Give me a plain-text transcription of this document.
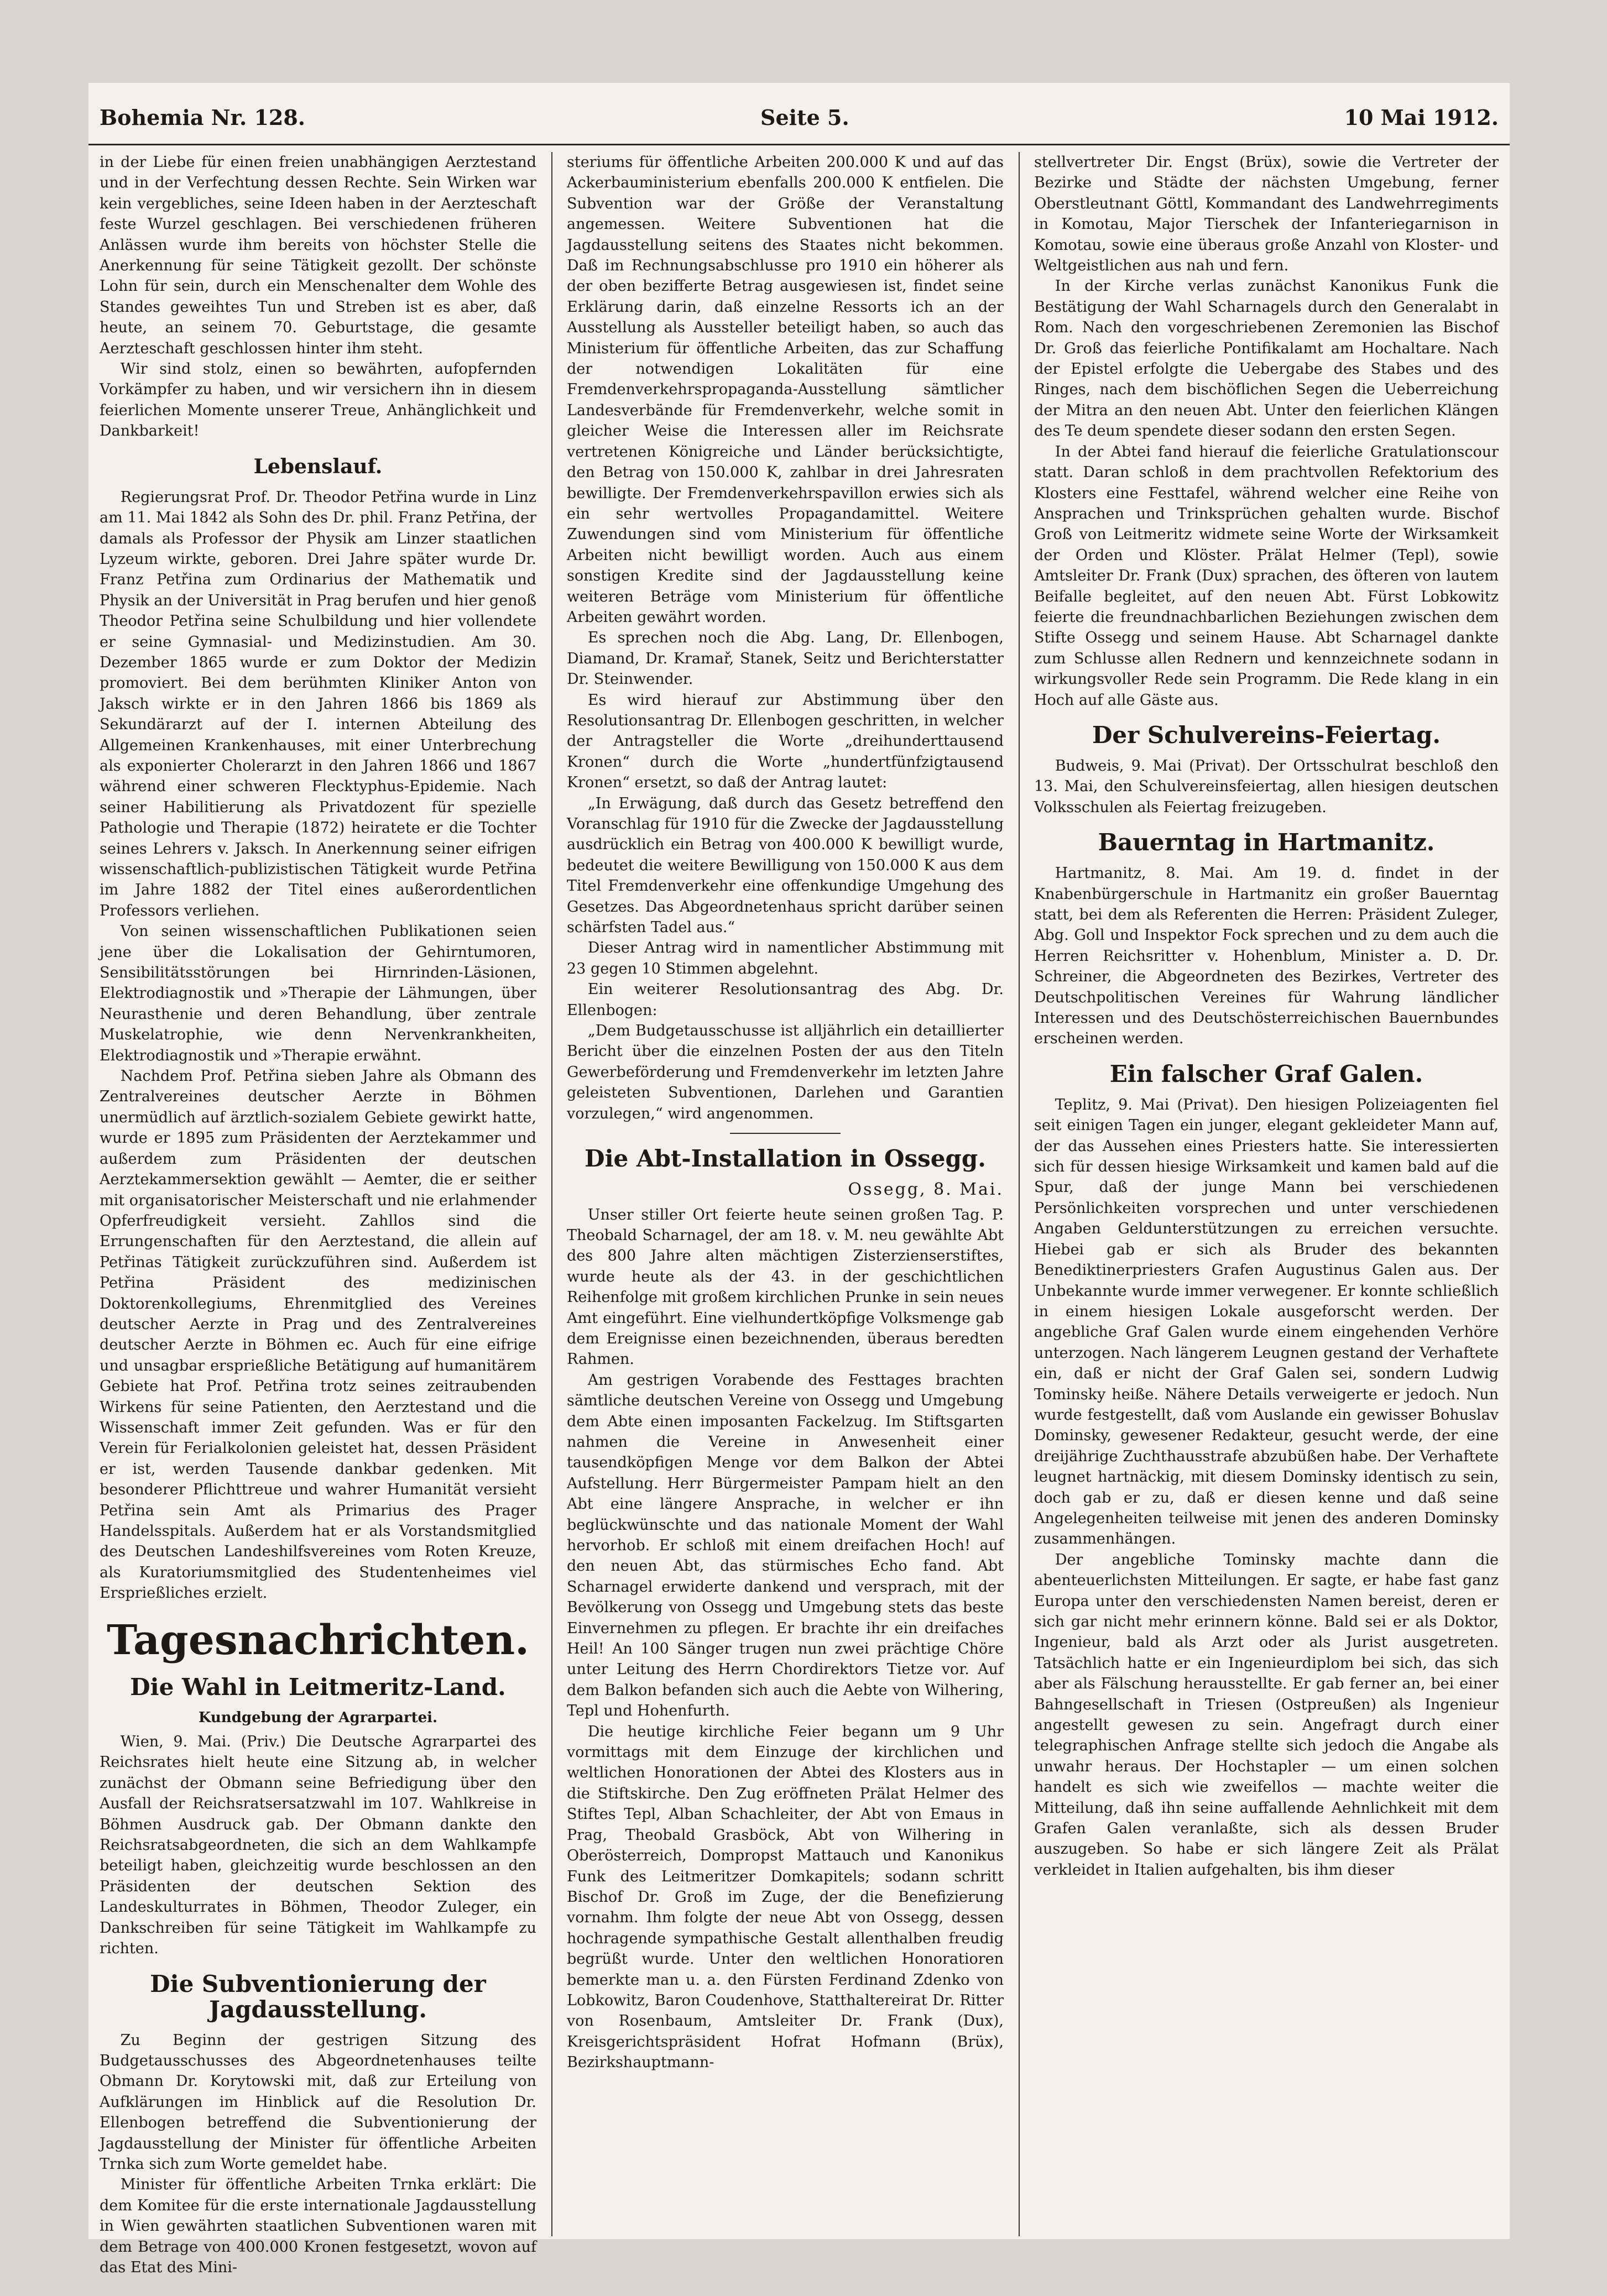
Bohemia Nr. 128.	Seite 5.	10 Mai 1912.

in der Liebe für einen freien unabhängigen Aerztestand und in der Verfechtung dessen Rechte. Sein Wirken war kein vergebliches, seine Ideen haben in der Aerzteschaft feste Wurzel geschlagen. Bei verschiedenen früheren Anlässen wurde ihm bereits von höchster Stelle die Anerkennung für seine Tätigkeit gezollt. Der schönste Lohn für sein, durch ein Menschenalter dem Wohle des Standes geweihtes Tun und Streben ist es aber, daß heute, an seinem 70. Geburtstage, die gesamte Aerzteschaft geschlossen hinter ihm steht.

Wir sind stolz, einen so bewährten, aufopfernden Vorkämpfer zu haben, und wir versichern ihn in diesem feierlichen Momente unserer Treue, Anhänglichkeit und Dankbarkeit!

Lebenslauf.

Regierungsrat Prof. Dr. Theodor Petřina wurde in Linz am 11. Mai 1842 als Sohn des Dr. phil. Franz Petřina, der damals als Professor der Physik am Linzer staatlichen Lyzeum wirkte, geboren. Drei Jahre später wurde Dr. Franz Petřina zum Ordinarius der Mathematik und Physik an der Universität in Prag berufen und hier genoß Theodor Petřina seine Schulbildung und hier vollendete er seine Gymnasial- und Medizinstudien. Am 30. Dezember 1865 wurde er zum Doktor der Medizin promoviert. Bei dem berühmten Kliniker Anton von Jaksch wirkte er in den Jahren 1866 bis 1869 als Sekundärarzt auf der I. internen Abteilung des Allgemeinen Krankenhauses, mit einer Unterbrechung als exponierter Cholerarzt in den Jahren 1866 und 1867 während einer schweren Flecktyphus-Epidemie. Nach seiner Habilitierung als Privatdozent für spezielle Pathologie und Therapie (1872) heiratete er die Tochter seines Lehrers v. Jaksch. In Anerkennung seiner eifrigen wissenschaftlich-publizistischen Tätigkeit wurde Petřina im Jahre 1882 der Titel eines außerordentlichen Professors verliehen.

Von seinen wissenschaftlichen Publikationen seien jene über die Lokalisation der Gehirntumoren, Sensibilitätsstörungen bei Hirnrinden-Läsionen, Elektrodiagnostik und »Therapie der Lähmungen, über Neurasthenie und deren Behandlung, über zentrale Muskelatrophie, wie denn Nervenkrankheiten, Elektrodiagnostik und »Therapie erwähnt.

Nachdem Prof. Petřina sieben Jahre als Obmann des Zentralvereines deutscher Aerzte in Böhmen unermüdlich auf ärztlich-sozialem Gebiete gewirkt hatte, wurde er 1895 zum Präsidenten der Aerztekammer und außerdem zum Präsidenten der deutschen Aerztekammersektion gewählt — Aemter, die er seither mit organisatorischer Meisterschaft und nie erlahmender Opferfreudigkeit versieht. Zahllos sind die Errungenschaften für den Aerztestand, die allein auf Petřinas Tätigkeit zurückzuführen sind. Außerdem ist Petřina Präsident des medizinischen Doktorenkollegiums, Ehrenmitglied des Vereines deutscher Aerzte in Prag und des Zentralvereines deutscher Aerzte in Böhmen ec. Auch für eine eifrige und unsagbar ersprießliche Betätigung auf humanitärem Gebiete hat Prof. Petřina trotz seines zeitraubenden Wirkens für seine Patienten, den Aerztestand und die Wissenschaft immer Zeit gefunden. Was er für den Verein für Ferialkolonien geleistet hat, dessen Präsident er ist, werden Tausende dankbar gedenken. Mit besonderer Pflichttreue und wahrer Humanität versieht Petřina sein Amt als Primarius des Prager Handelsspitals. Außerdem hat er als Vorstandsmitglied des Deutschen Landeshilfsvereines vom Roten Kreuze, als Kuratoriumsmitglied des Studentenheimes viel Ersprießliches erzielt.

Tagesnachrichten.
Die Wahl in Leitmeritz-Land.
Kundgebung der Agrarpartei.

Wien, 9. Mai. (Priv.) Die Deutsche Agrarpartei des Reichsrates hielt heute eine Sitzung ab, in welcher zunächst der Obmann seine Befriedigung über den Ausfall der Reichsratsersatzwahl im 107. Wahlkreise in Böhmen Ausdruck gab. Der Obmann dankte den Reichsratsabgeordneten, die sich an dem Wahlkampfe beteiligt haben, gleichzeitig wurde beschlossen an den Präsidenten der deutschen Sektion des Landeskulturrates in Böhmen, Theodor Zuleger, ein Dankschreiben für seine Tätigkeit im Wahlkampfe zu richten.

Die Subventionierung der Jagdausstellung.

Zu Beginn der gestrigen Sitzung des Budgetausschusses des Abgeordnetenhauses teilte Obmann Dr. Korytowski mit, daß zur Erteilung von Aufklärungen im Hinblick auf die Resolution Dr. Ellenbogen betreffend die Subventionierung der Jagdausstellung der Minister für öffentliche Arbeiten Trnka sich zum Worte gemeldet habe.

Minister für öffentliche Arbeiten Trnka erklärt: Die dem Komitee für die erste internationale Jagdausstellung in Wien gewährten staatlichen Subventionen waren mit dem Betrage von 400.000 Kronen festgesetzt, wovon auf das Etat des Mini-

steriums für öffentliche Arbeiten 200.000 K und auf das Ackerbauministerium ebenfalls 200.000 K entfielen. Die Subvention war der Größe der Veranstaltung angemessen. Weitere Subventionen hat die Jagdausstellung seitens des Staates nicht bekommen. Daß im Rechnungsabschlusse pro 1910 ein höherer als der oben bezifferte Betrag ausgewiesen ist, findet seine Erklärung darin, daß einzelne Ressorts ich an der Ausstellung als Aussteller beteiligt haben, so auch das Ministerium für öffentliche Arbeiten, das zur Schaffung der notwendigen Lokalitäten für eine Fremdenverkehrspropaganda-Ausstellung sämtlicher Landesverbände für Fremdenverkehr, welche somit in gleicher Weise die Interessen aller im Reichsrate vertretenen Königreiche und Länder berücksichtigte, den Betrag von 150.000 K, zahlbar in drei Jahresraten bewilligte. Der Fremdenverkehrspavillon erwies sich als ein sehr wertvolles Propagandamittel. Weitere Zuwendungen sind vom Ministerium für öffentliche Arbeiten nicht bewilligt worden. Auch aus einem sonstigen Kredite sind der Jagdausstellung keine weiteren Beträge vom Ministerium für öffentliche Arbeiten gewährt worden.

Es sprechen noch die Abg. Lang, Dr. Ellenbogen, Diamand, Dr. Kramař, Stanek, Seitz und Berichterstatter Dr. Steinwender.

Es wird hierauf zur Abstimmung über den Resolutionsantrag Dr. Ellenbogen geschritten, in welcher der Antragsteller die Worte „dreihunderttausend Kronen“ durch die Worte „hundertfünfzigtausend Kronen“ ersetzt, so daß der Antrag lautet:

„In Erwägung, daß durch das Gesetz betreffend den Voranschlag für 1910 für die Zwecke der Jagdausstellung ausdrücklich ein Betrag von 400.000 K bewilligt wurde, bedeutet die weitere Bewilligung von 150.000 K aus dem Titel Fremdenverkehr eine offenkundige Umgehung des Gesetzes. Das Abgeordnetenhaus spricht darüber seinen schärfsten Tadel aus.“

Dieser Antrag wird in namentlicher Abstimmung mit 23 gegen 10 Stimmen abgelehnt.

Ein weiterer Resolutionsantrag des Abg. Dr. Ellenbogen:

„Dem Budgetausschusse ist alljährlich ein detaillierter Bericht über die einzelnen Posten der aus den Titeln Gewerbeförderung und Fremdenverkehr im letzten Jahre geleisteten Subventionen, Darlehen und Garantien vorzulegen,“ wird angenommen.

Die Abt-Installation in Ossegg.
Ossegg, 8. Mai.

Unser stiller Ort feierte heute seinen großen Tag. P. Theobald Scharnagel, der am 18. v. M. neu gewählte Abt des 800 Jahre alten mächtigen Zisterzienserstiftes, wurde heute als der 43. in der geschichtlichen Reihenfolge mit großem kirchlichen Prunke in sein neues Amt eingeführt. Eine vielhundertköpfige Volksmenge gab dem Ereignisse einen bezeichnenden, überaus beredten Rahmen.

Am gestrigen Vorabende des Festtages brachten sämtliche deutschen Vereine von Ossegg und Umgebung dem Abte einen imposanten Fackelzug. Im Stiftsgarten nahmen die Vereine in Anwesenheit einer tausendköpfigen Menge vor dem Balkon der Abtei Aufstellung. Herr Bürgermeister Pampam hielt an den Abt eine längere Ansprache, in welcher er ihn beglückwünschte und das nationale Moment der Wahl hervorhob. Er schloß mit einem dreifachen Hoch! auf den neuen Abt, das stürmisches Echo fand. Abt Scharnagel erwiderte dankend und versprach, mit der Bevölkerung von Ossegg und Umgebung stets das beste Einvernehmen zu pflegen. Er brachte ihr ein dreifaches Heil! An 100 Sänger trugen nun zwei prächtige Chöre unter Leitung des Herrn Chordirektors Tietze vor. Auf dem Balkon befanden sich auch die Aebte von Wilhering, Tepl und Hohenfurth.

Die heutige kirchliche Feier begann um 9 Uhr vormittags mit dem Einzuge der kirchlichen und weltlichen Honorationen der Abtei des Klosters aus in die Stiftskirche. Den Zug eröffneten Prälat Helmer des Stiftes Tepl, Alban Schachleiter, der Abt von Emaus in Prag, Theobald Grasböck, Abt von Wilhering in Oberösterreich, Dompropst Mattauch und Kanonikus Funk des Leitmeritzer Domkapitels; sodann schritt Bischof Dr. Groß im Zuge, der die Benefizierung vornahm. Ihm folgte der neue Abt von Ossegg, dessen hochragende sympathische Gestalt allenthalben freudig begrüßt wurde. Unter den weltlichen Honoratioren bemerkte man u. a. den Fürsten Ferdinand Zdenko von Lobkowitz, Baron Coudenhove, Statthaltereirat Dr. Ritter von Rosenbaum, Amtsleiter Dr. Frank (Dux), Kreisgerichtspräsident Hofrat Hofmann (Brüx), Bezirkshauptmann-

stellvertreter Dir. Engst (Brüx), sowie die Vertreter der Bezirke und Städte der nächsten Umgebung, ferner Oberstleutnant Göttl, Kommandant des Landwehrregiments in Komotau, Major Tierschek der Infanteriegarnison in Komotau, sowie eine überaus große Anzahl von Kloster- und Weltgeistlichen aus nah und fern.

In der Kirche verlas zunächst Kanonikus Funk die Bestätigung der Wahl Scharnagels durch den Generalabt in Rom. Nach den vorgeschriebenen Zeremonien las Bischof Dr. Groß das feierliche Pontifikalamt am Hochaltare. Nach der Epistel erfolgte die Uebergabe des Stabes und des Ringes, nach dem bischöflichen Segen die Ueberreichung der Mitra an den neuen Abt. Unter den feierlichen Klängen des Te deum spendete dieser sodann den ersten Segen.

In der Abtei fand hierauf die feierliche Gratulationscour statt. Daran schloß in dem prachtvollen Refektorium des Klosters eine Festtafel, während welcher eine Reihe von Ansprachen und Trinksprüchen gehalten wurde. Bischof Groß von Leitmeritz widmete seine Worte der Wirksamkeit der Orden und Klöster. Prälat Helmer (Tepl), sowie Amtsleiter Dr. Frank (Dux) sprachen, des öfteren von lautem Beifalle begleitet, auf den neuen Abt. Fürst Lobkowitz feierte die freundnachbarlichen Beziehungen zwischen dem Stifte Ossegg und seinem Hause. Abt Scharnagel dankte zum Schlusse allen Rednern und kennzeichnete sodann in wirkungsvoller Rede sein Programm. Die Rede klang in ein Hoch auf alle Gäste aus.

Der Schulvereins-Feiertag.

Budweis, 9. Mai (Privat). Der Ortsschulrat beschloß den 13. Mai, den Schulvereinsfeiertag, allen hiesigen deutschen Volksschulen als Feiertag freizugeben.

Bauerntag in Hartmanitz.

Hartmanitz, 8. Mai. Am 19. d. findet in der Knabenbürgerschule in Hartmanitz ein großer Bauerntag statt, bei dem als Referenten die Herren: Präsident Zuleger, Abg. Goll und Inspektor Fock sprechen und zu dem auch die Herren Reichsritter v. Hohenblum, Minister a. D. Dr. Schreiner, die Abgeordneten des Bezirkes, Vertreter des Deutschpolitischen Vereines für Wahrung ländlicher Interessen und des Deutschösterreichischen Bauernbundes erscheinen werden.

Ein falscher Graf Galen.

Teplitz, 9. Mai (Privat). Den hiesigen Polizeiagenten fiel seit einigen Tagen ein junger, elegant gekleideter Mann auf, der das Aussehen eines Priesters hatte. Sie interessierten sich für dessen hiesige Wirksamkeit und kamen bald auf die Spur, daß der junge Mann bei verschiedenen Persönlichkeiten vorsprechen und unter verschiedenen Angaben Geldunterstützungen zu erreichen versuchte. Hiebei gab er sich als Bruder des bekannten Benediktinerpriesters Grafen Augustinus Galen aus. Der Unbekannte wurde immer verwegener. Er konnte schließlich in einem hiesigen Lokale ausgeforscht werden. Der angebliche Graf Galen wurde einem eingehenden Verhöre unterzogen. Nach längerem Leugnen gestand der Verhaftete ein, daß er nicht der Graf Galen sei, sondern Ludwig Tominsky heiße. Nähere Details verweigerte er jedoch. Nun wurde festgestellt, daß vom Auslande ein gewisser Bohuslav Dominsky, gewesener Redakteur, gesucht werde, der eine dreijährige Zuchthausstrafe abzubüßen habe. Der Verhaftete leugnet hartnäckig, mit diesem Dominsky identisch zu sein, doch gab er zu, daß er diesen kenne und daß seine Angelegenheiten teilweise mit jenen des anderen Dominsky zusammenhängen.

Der angebliche Tominsky machte dann die abenteuerlichsten Mitteilungen. Er sagte, er habe fast ganz Europa unter den verschiedensten Namen bereist, deren er sich gar nicht mehr erinnern könne. Bald sei er als Doktor, Ingenieur, bald als Arzt oder als Jurist ausgetreten. Tatsächlich hatte er ein Ingenieurdiplom bei sich, das sich aber als Fälschung herausstellte. Er gab ferner an, bei einer Bahngesellschaft in Triesen (Ostpreußen) als Ingenieur angestellt gewesen zu sein. Angefragt durch einer telegraphischen Anfrage stellte sich jedoch die Angabe als unwahr heraus. Der Hochstapler — um einen solchen handelt es sich wie zweifellos — machte weiter die Mitteilung, daß ihn seine auffallende Aehnlichkeit mit dem Grafen Galen veranlaßte, sich als dessen Bruder auszugeben. So habe er sich längere Zeit als Prälat verkleidet in Italien aufgehalten, bis ihm dieser
